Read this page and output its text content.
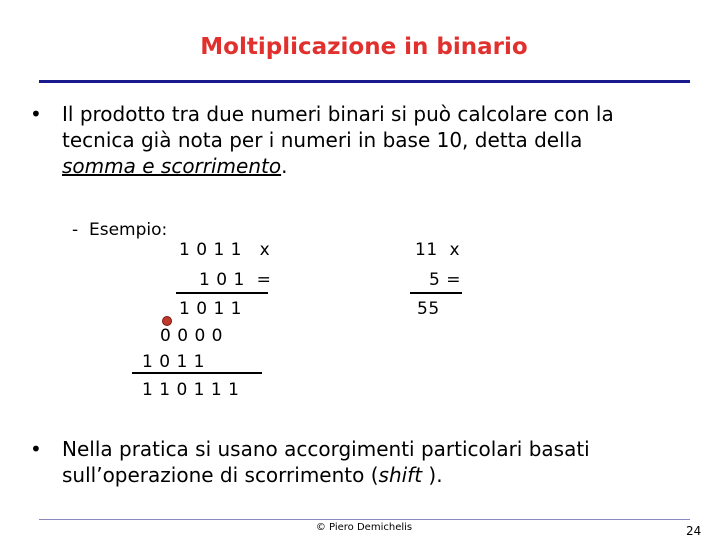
Moltiplicazione in binario
• Il prodotto tra due numeri binari si può calcolare con la
tecnica già nota per i numeri in base 10, detta della
somma e scorrimento.
- Esempio:
1 0 1 1   x
1 0 1  =
1 0 1 1
0 0 0 0
1 0 1 1
1 1 0 1 1 1
11  x
5 =
55
• Nella pratica si usano accorgimenti particolari basati
sull’operazione di scorrimento (shift ).
© Piero Demichelis	24
